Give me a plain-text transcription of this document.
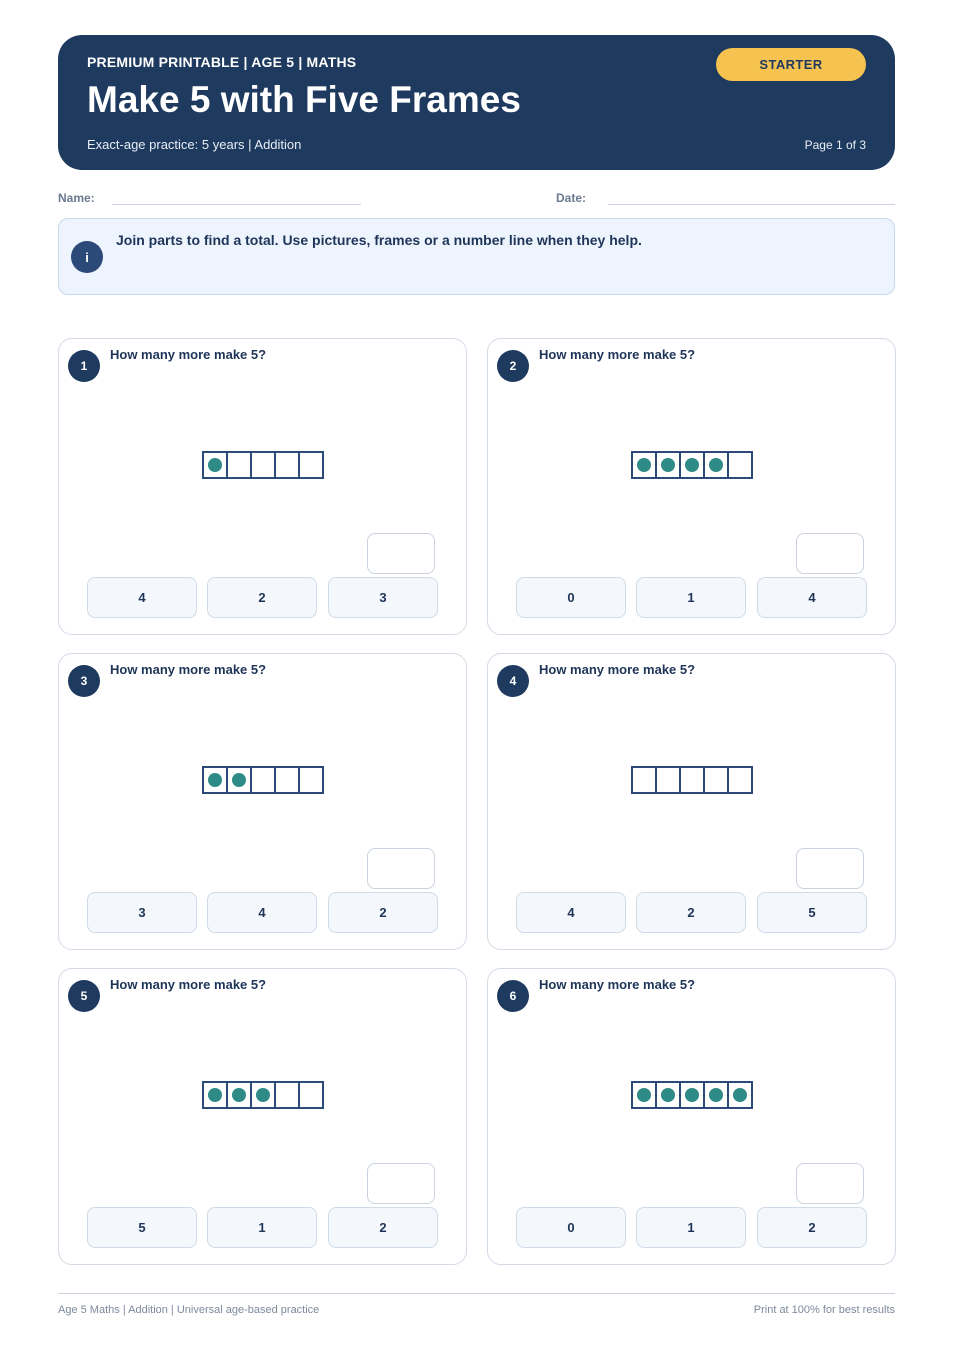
PREMIUM PRINTABLE | AGE 5 | MATHS
Make 5 with Five Frames
Exact-age practice: 5 years | Addition
STARTER
Page 1 of 3
Name:	Date:
i
Join parts to find a total. Use pictures, frames or a number line when they help.
1
How many more make 5?
4	2	3
2
How many more make 5?
0	1	4
3
How many more make 5?
3	4	2
4
How many more make 5?
4	2	5
5
How many more make 5?
5	1	2
6
How many more make 5?
0	1	2
Age 5 Maths | Addition | Universal age-based practice	Print at 100% for best results
